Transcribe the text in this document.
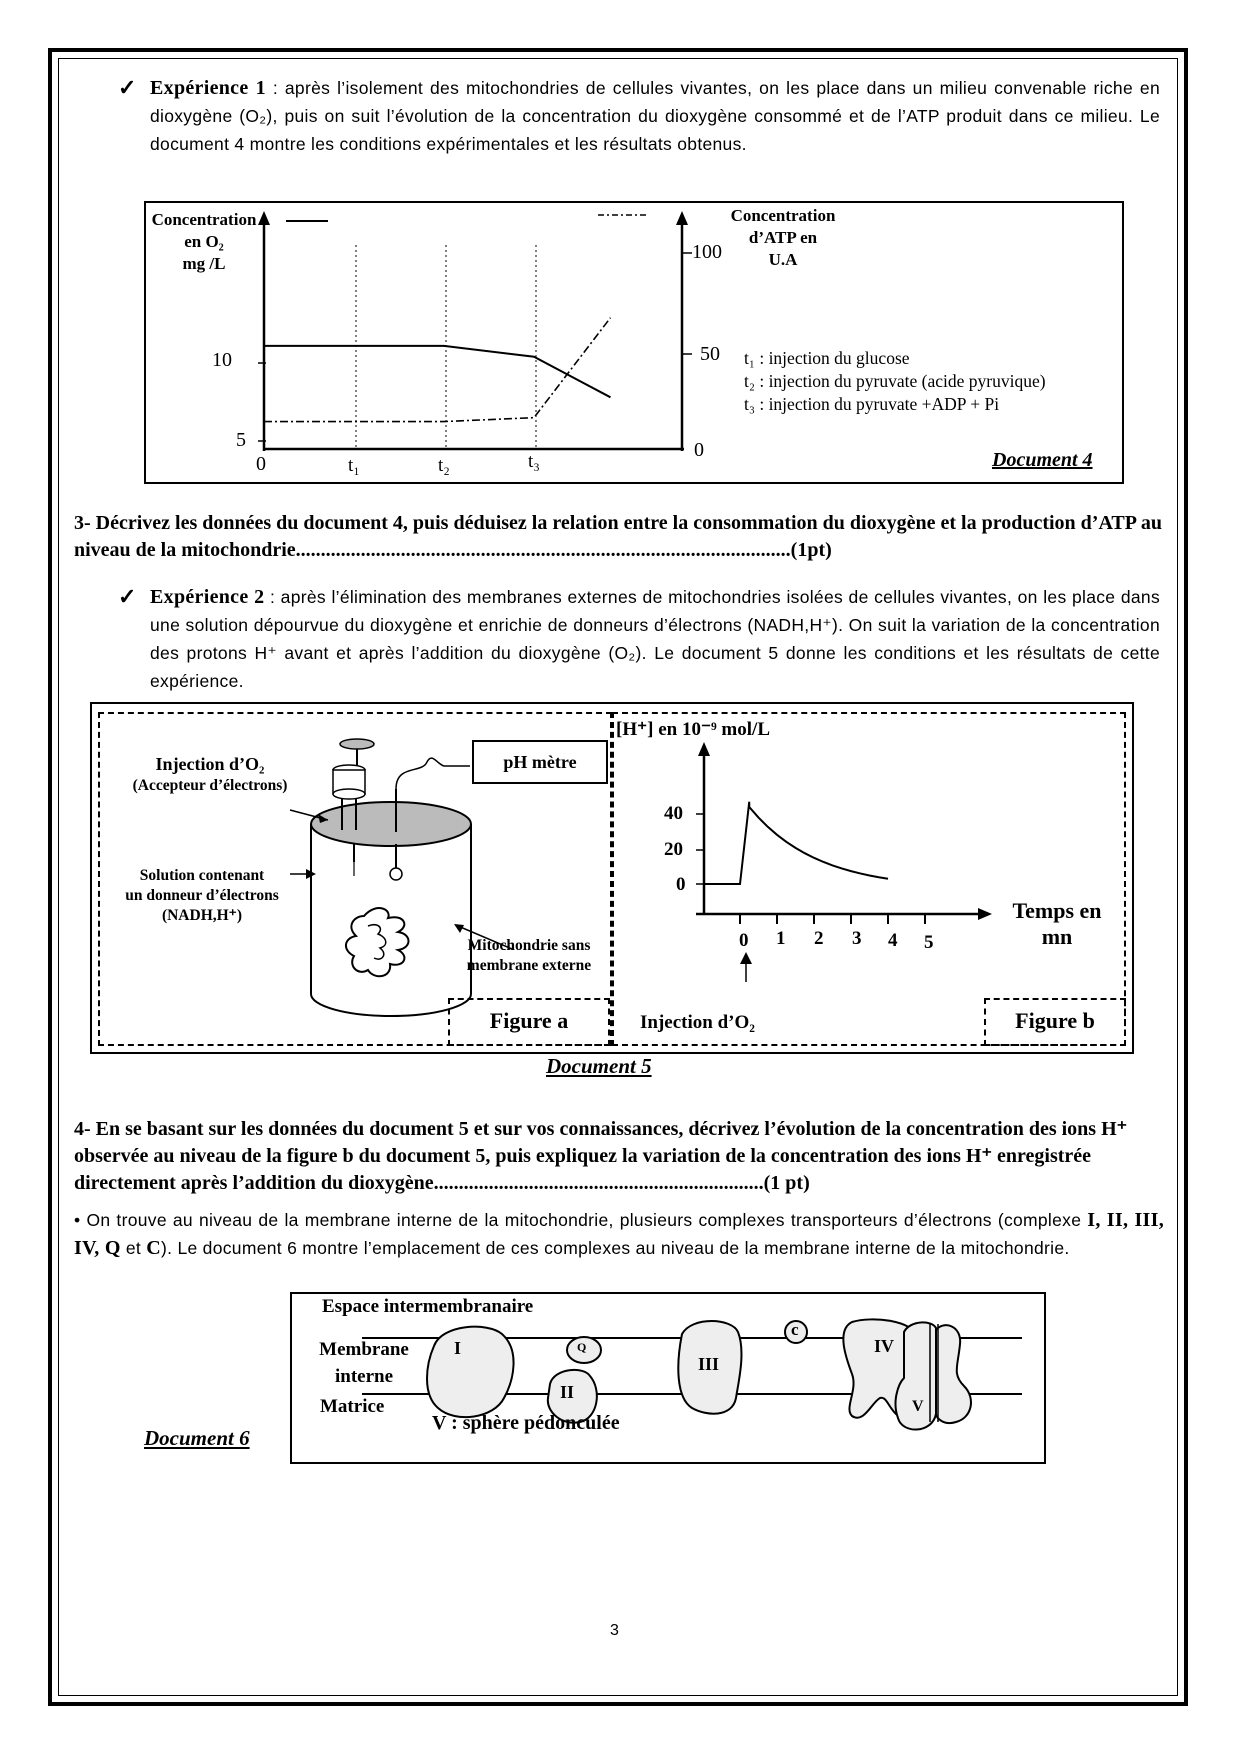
✓ Expérience 1 : après l’isolement des mitochondries de cellules vivantes, on les place dans un milieu convenable riche en dioxygène (O₂), puis on suit l’évolution de la concentration du dioxygène consommé et de l’ATP produit dans ce milieu. Le document 4 montre les conditions expérimentales et les résultats obtenus.
Concentration
en O₂
mg /L
Concentration
d’ATP en
U.A
10
5
0
100
50
0
t₁	t₂	t₃
t₁ : injection du glucose
t₂ : injection du pyruvate (acide pyruvique)
t₃ : injection du pyruvate +ADP + Pi
Document 4
3- Décrivez les données du document 4, puis déduisez la relation entre la consommation du dioxygène et la production d’ATP au niveau de la mitochondrie...................................................................................................(1pt)
✓ Expérience 2 : après l’élimination des membranes externes de mitochondries isolées de cellules vivantes, on les place dans une solution dépourvue du dioxygène et enrichie de donneurs d’électrons (NADH,H⁺). On suit la variation de la concentration des protons H⁺ avant et après l’addition du dioxygène (O₂). Le document 5 donne les conditions et les résultats de cette expérience.
Injection d’O₂
(Accepteur d’électrons)
pH mètre
Solution contenant
un donneur d’électrons
(NADH,H⁺)
Mitochondrie sans
membrane externe
Figure a
[H⁺] en 10⁻⁹ mol/L
40
20
0
0 1 2 3 4 5
Temps en
mn
Injection d’O₂	Figure b
Document 5
4- En se basant sur les données du document 5 et sur vos connaissances, décrivez l’évolution de la concentration des ions H⁺ observée au niveau de la figure b du document 5, puis expliquez la variation de la concentration des ions H⁺ enregistrée directement après l’addition du dioxygène..................................................................(1 pt)
• On trouve au niveau de la membrane interne de la mitochondrie, plusieurs complexes transporteurs d’électrons (complexe I, II, III, IV, Q et C). Le document 6 montre l’emplacement de ces complexes au niveau de la membrane interne de la mitochondrie.
Document 6
Espace intermembranaire
Membrane
interne
Matrice
V : sphère pédonculée
I	Q
II
III
c
IV
V
3
